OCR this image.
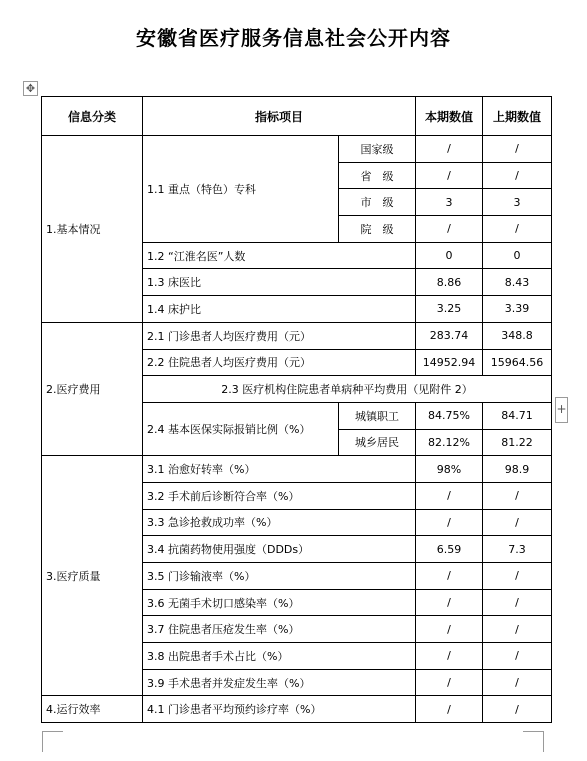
安徽省医疗服务信息社会公开内容
✥
+
信息分类	指标项目		本期数值	上期数值
1.基本情况	1.1 重点（特色）专科	国家级	/	/
		省　级	/	/
		市　级	3	3
		院　级	/	/
	1.2 “江淮名医”人数		0	0
	1.3 床医比		8.86	8.43
	1.4 床护比		3.25	3.39
2.医疗费用	2.1 门诊患者人均医疗费用（元）		283.74	348.8
	2.2 住院患者人均医疗费用（元）		14952.94	15964.56
	2.3 医疗机构住院患者单病种平均费用（见附件 2）			
	2.4 基本医保实际报销比例（%）	城镇职工	84.75%	84.71
		城乡居民	82.12%	81.22
3.医疗质量	3.1 治愈好转率（%）		98%	98.9
	3.2 手术前后诊断符合率（%）		/	/
	3.3 急诊抢救成功率（%）		/	/
	3.4 抗菌药物使用强度（DDDs）		6.59	7.3
	3.5 门诊输液率（%）		/	/
	3.6 无菌手术切口感染率（%）		/	/
	3.7 住院患者压疮发生率（%）		/	/
	3.8 出院患者手术占比（%）		/	/
	3.9 手术患者并发症发生率（%）		/	/
4.运行效率	4.1 门诊患者平均预约诊疗率（%）		/	/
